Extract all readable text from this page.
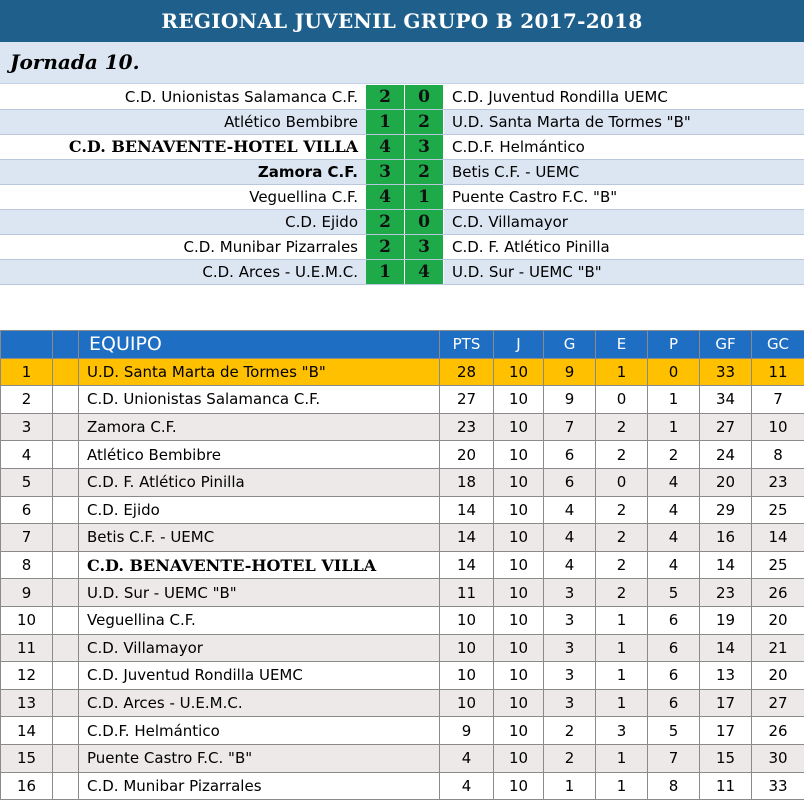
REGIONAL JUVENIL GRUPO B 2017-2018
Jornada 10.
C.D. Unionistas Salamanca C.F.	2	0	C.D. Juventud Rondilla UEMC
Atlético Bembibre	1	2	U.D. Santa Marta de Tormes "B"
C.D. BENAVENTE-HOTEL VILLA	4	3	C.D.F. Helmántico
Zamora C.F.	3	2	Betis C.F. - UEMC
Veguellina C.F.	4	1	Puente Castro F.C. "B"
C.D. Ejido	2	0	C.D. Villamayor
C.D. Munibar Pizarrales	2	3	C.D. F. Atlético Pinilla
C.D. Arces - U.E.M.C.	1	4	U.D. Sur - UEMC "B"
		EQUIPO	PTS	J	G	E	P	GF	GC
1		U.D. Santa Marta de Tormes "B"	28	10	9	1	0	33	11
2		C.D. Unionistas Salamanca C.F.	27	10	9	0	1	34	7
3		Zamora C.F.	23	10	7	2	1	27	10
4		Atlético Bembibre	20	10	6	2	2	24	8
5		C.D. F. Atlético Pinilla	18	10	6	0	4	20	23
6		C.D. Ejido	14	10	4	2	4	29	25
7		Betis C.F. - UEMC	14	10	4	2	4	16	14
8		C.D. BENAVENTE-HOTEL VILLA	14	10	4	2	4	14	25
9		U.D. Sur - UEMC "B"	11	10	3	2	5	23	26
10		Veguellina C.F.	10	10	3	1	6	19	20
11		C.D. Villamayor	10	10	3	1	6	14	21
12		C.D. Juventud Rondilla UEMC	10	10	3	1	6	13	20
13		C.D. Arces - U.E.M.C.	10	10	3	1	6	17	27
14		C.D.F. Helmántico	9	10	2	3	5	17	26
15		Puente Castro F.C. "B"	4	10	2	1	7	15	30
16		C.D. Munibar Pizarrales	4	10	1	1	8	11	33
